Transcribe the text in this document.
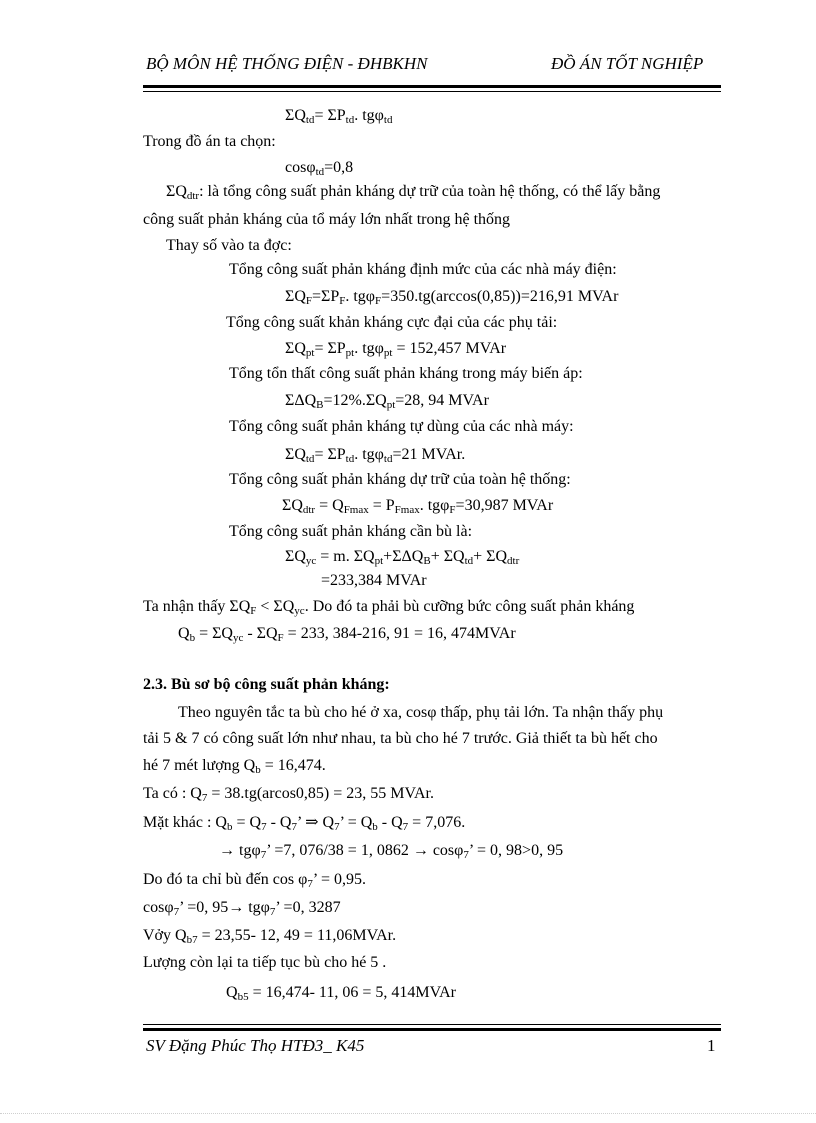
BỘ MÔN HỆ THỐNG ĐIỆN - ĐHBKHN	ĐỒ ÁN TỐT NGHIỆP
$\Sigma Q_{td}= \Sigma P_{td}$. tgφ$_{td}$
Trong đồ án ta chọn:
cosφ$_{td}$=0,8
$\Sigma Q_{dtr}$: là tổng công suất phản kháng dự trữ của toàn hệ thống, có thể lấy bằng
công suất phản kháng của tổ máy lớn nhất trong hệ thống
Thay số vào ta đợc:
Tổng công suất phản kháng định mức của các nhà máy điện:
$\Sigma Q_F=\Sigma P_F$. tgφ$_F$=350.tg(arccos(0,85))=216,91 MVAr
Tổng công suất khản kháng cực đại của các phụ tải:
$\Sigma Q_{pt}= \Sigma P_{pt}$. tgφ$_{pt}$ = 152,457 MVAr
Tổng tổn thất công suất phản kháng trong máy biến áp:
$\Sigma\Delta Q_B=12\%.\Sigma Q_{pt}=28$, 94 MVAr
Tổng công suất phản kháng tự dùng của các nhà máy:
$\Sigma Q_{td}= \Sigma P_{td}$. tgφ$_{td}$=21 MVAr.
Tổng công suất phản kháng dự trữ của toàn hệ thống:
$\Sigma Q_{dtr} = Q_{Fmax} = P_{Fmax}$. tgφ$_F$=30,987 MVAr
Tổng công suất phản kháng cần bù là:
$\Sigma Q_{yc} = m$. $\Sigma Q_{pt}+\Sigma\Delta Q_B+ \Sigma Q_{td}+ \Sigma Q_{dtr}$
=233,384 MVAr
Ta nhận thấy $\Sigma Q_F < \Sigma Q_{yc}$. Do đó ta phải bù cưỡng bức công suất phản kháng
$Q_b = \Sigma Q_{yc} - \Sigma Q_F = 233$, 384-216, 91 = 16, 474MVAr
2.3. Bù sơ bộ công suất phản kháng:
Theo nguyên tắc ta bù cho hé ở xa, cosφ thấp, phụ tải lớn. Ta nhận thấy phụ
tải 5 & 7 có công suất lớn như nhau, ta bù cho hé 7 trước. Giả thiết ta bù hết cho
hé 7 mét lượng $Q_b = 16,474$.
Ta có : $Q_7 = 38.tg(arcos0,85) = 23$, 55 MVAr.
Mặt khác : $Q_b = Q_7 - Q_7$’ ⇒ $Q_7$’ = $Q_b - Q_7 = 7,076$.
→ tgφ$_7$’ =7, 076/38 = 1, 0862 → cosφ$_7$’ = 0, 98>0, 95
Do đó ta chỉ bù đến $\cos \varphi_7$’ = 0,95.
cosφ$_7$’ =0, 95→ tgφ$_7$’ =0, 3287
Vởy $Q_{b7} = 23,55-$ 12, 49 = 11,06MVAr.
Lượng còn lại ta tiếp tục bù cho hé 5 .
$Q_{b5} = 16,474-$ 11, 06 = 5, 414MVAr
SV Đặng Phúc Thọ HTĐ3_ K45	1
